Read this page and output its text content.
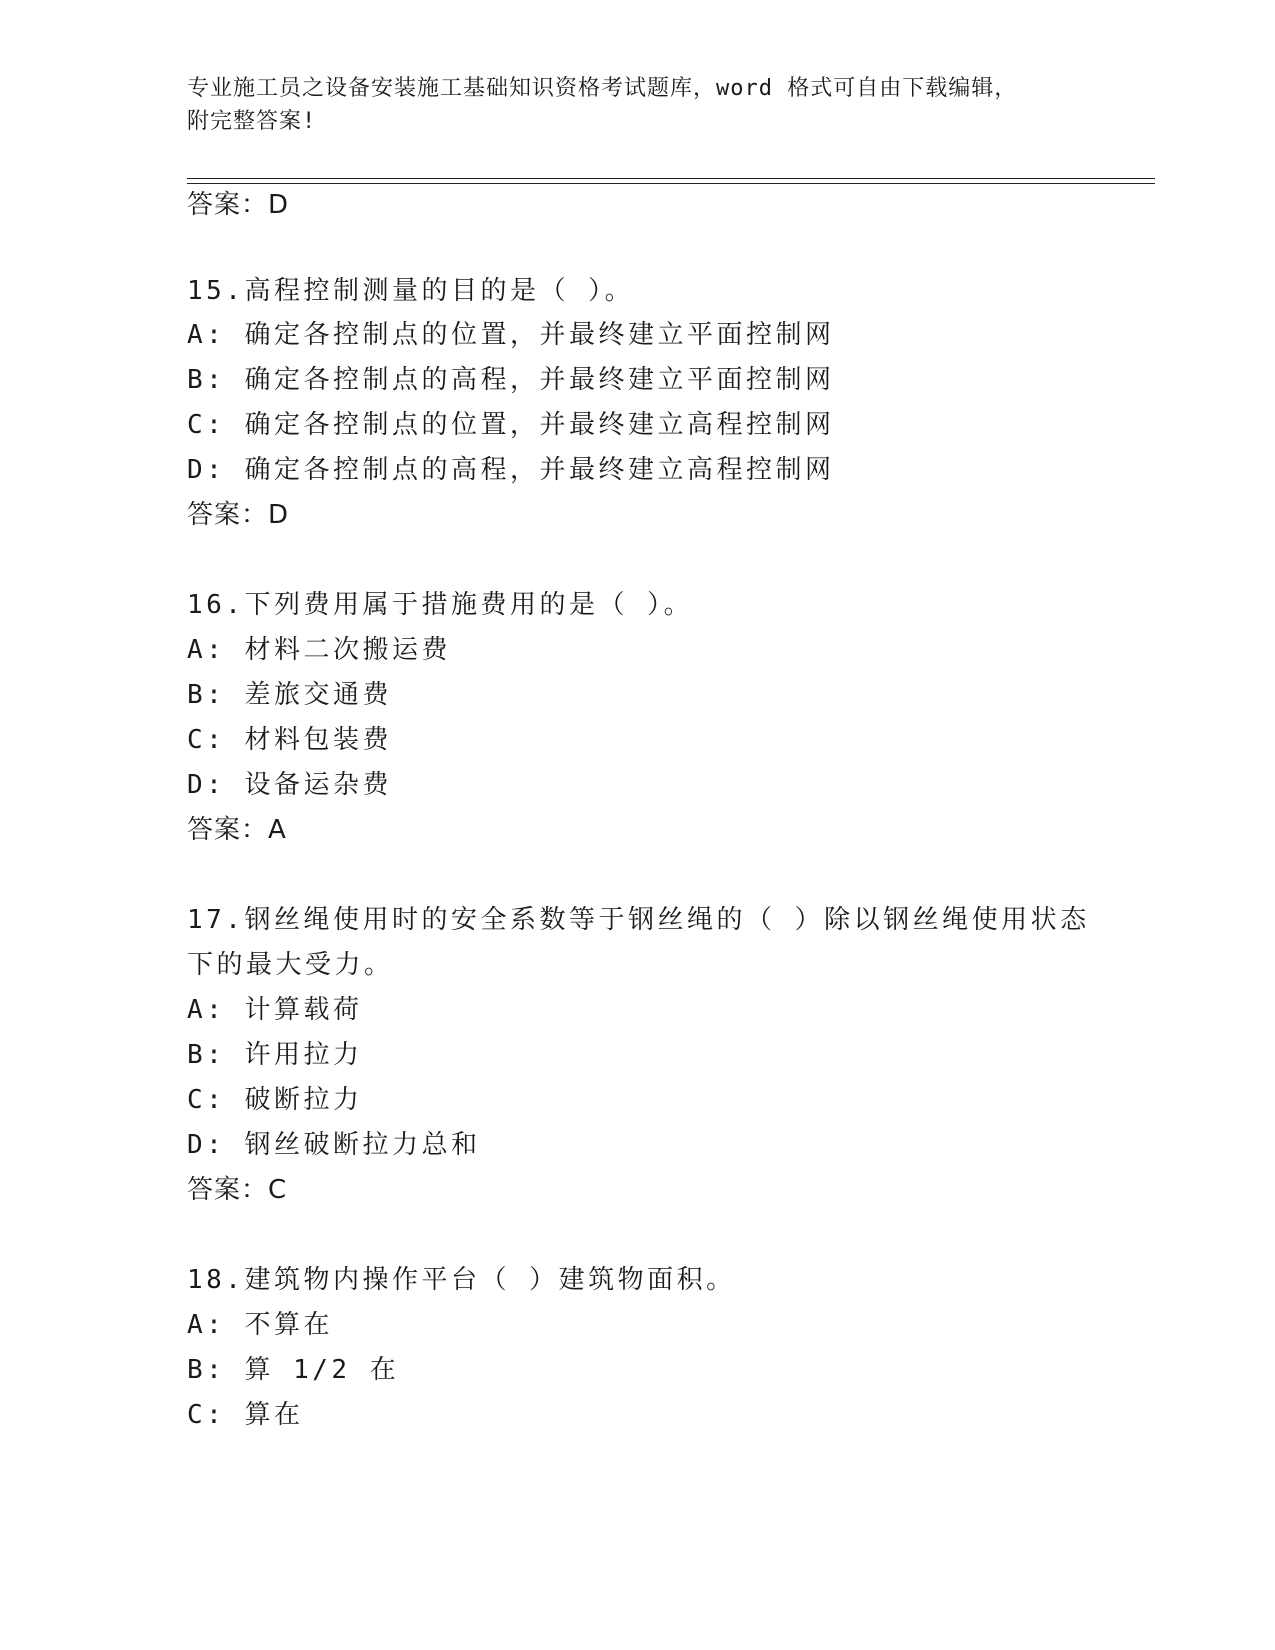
专业施工员之设备安装施工基础知识资格考试题库，word 格式可自由下载编辑，
附完整答案!
答案：D
15.高程控制测量的目的是（ ）。
A: 确定各控制点的位置，并最终建立平面控制网
B: 确定各控制点的高程，并最终建立平面控制网
C: 确定各控制点的位置，并最终建立高程控制网
D: 确定各控制点的高程，并最终建立高程控制网
答案：D
16.下列费用属于措施费用的是（ ）。
A: 材料二次搬运费
B: 差旅交通费
C: 材料包装费
D: 设备运杂费
答案：A
17.钢丝绳使用时的安全系数等于钢丝绳的（ ）除以钢丝绳使用状态
下的最大受力。
A: 计算载荷
B: 许用拉力
C: 破断拉力
D: 钢丝破断拉力总和
答案：C
18.建筑物内操作平台（ ）建筑物面积。
A: 不算在
B: 算 1/2 在
C: 算在
